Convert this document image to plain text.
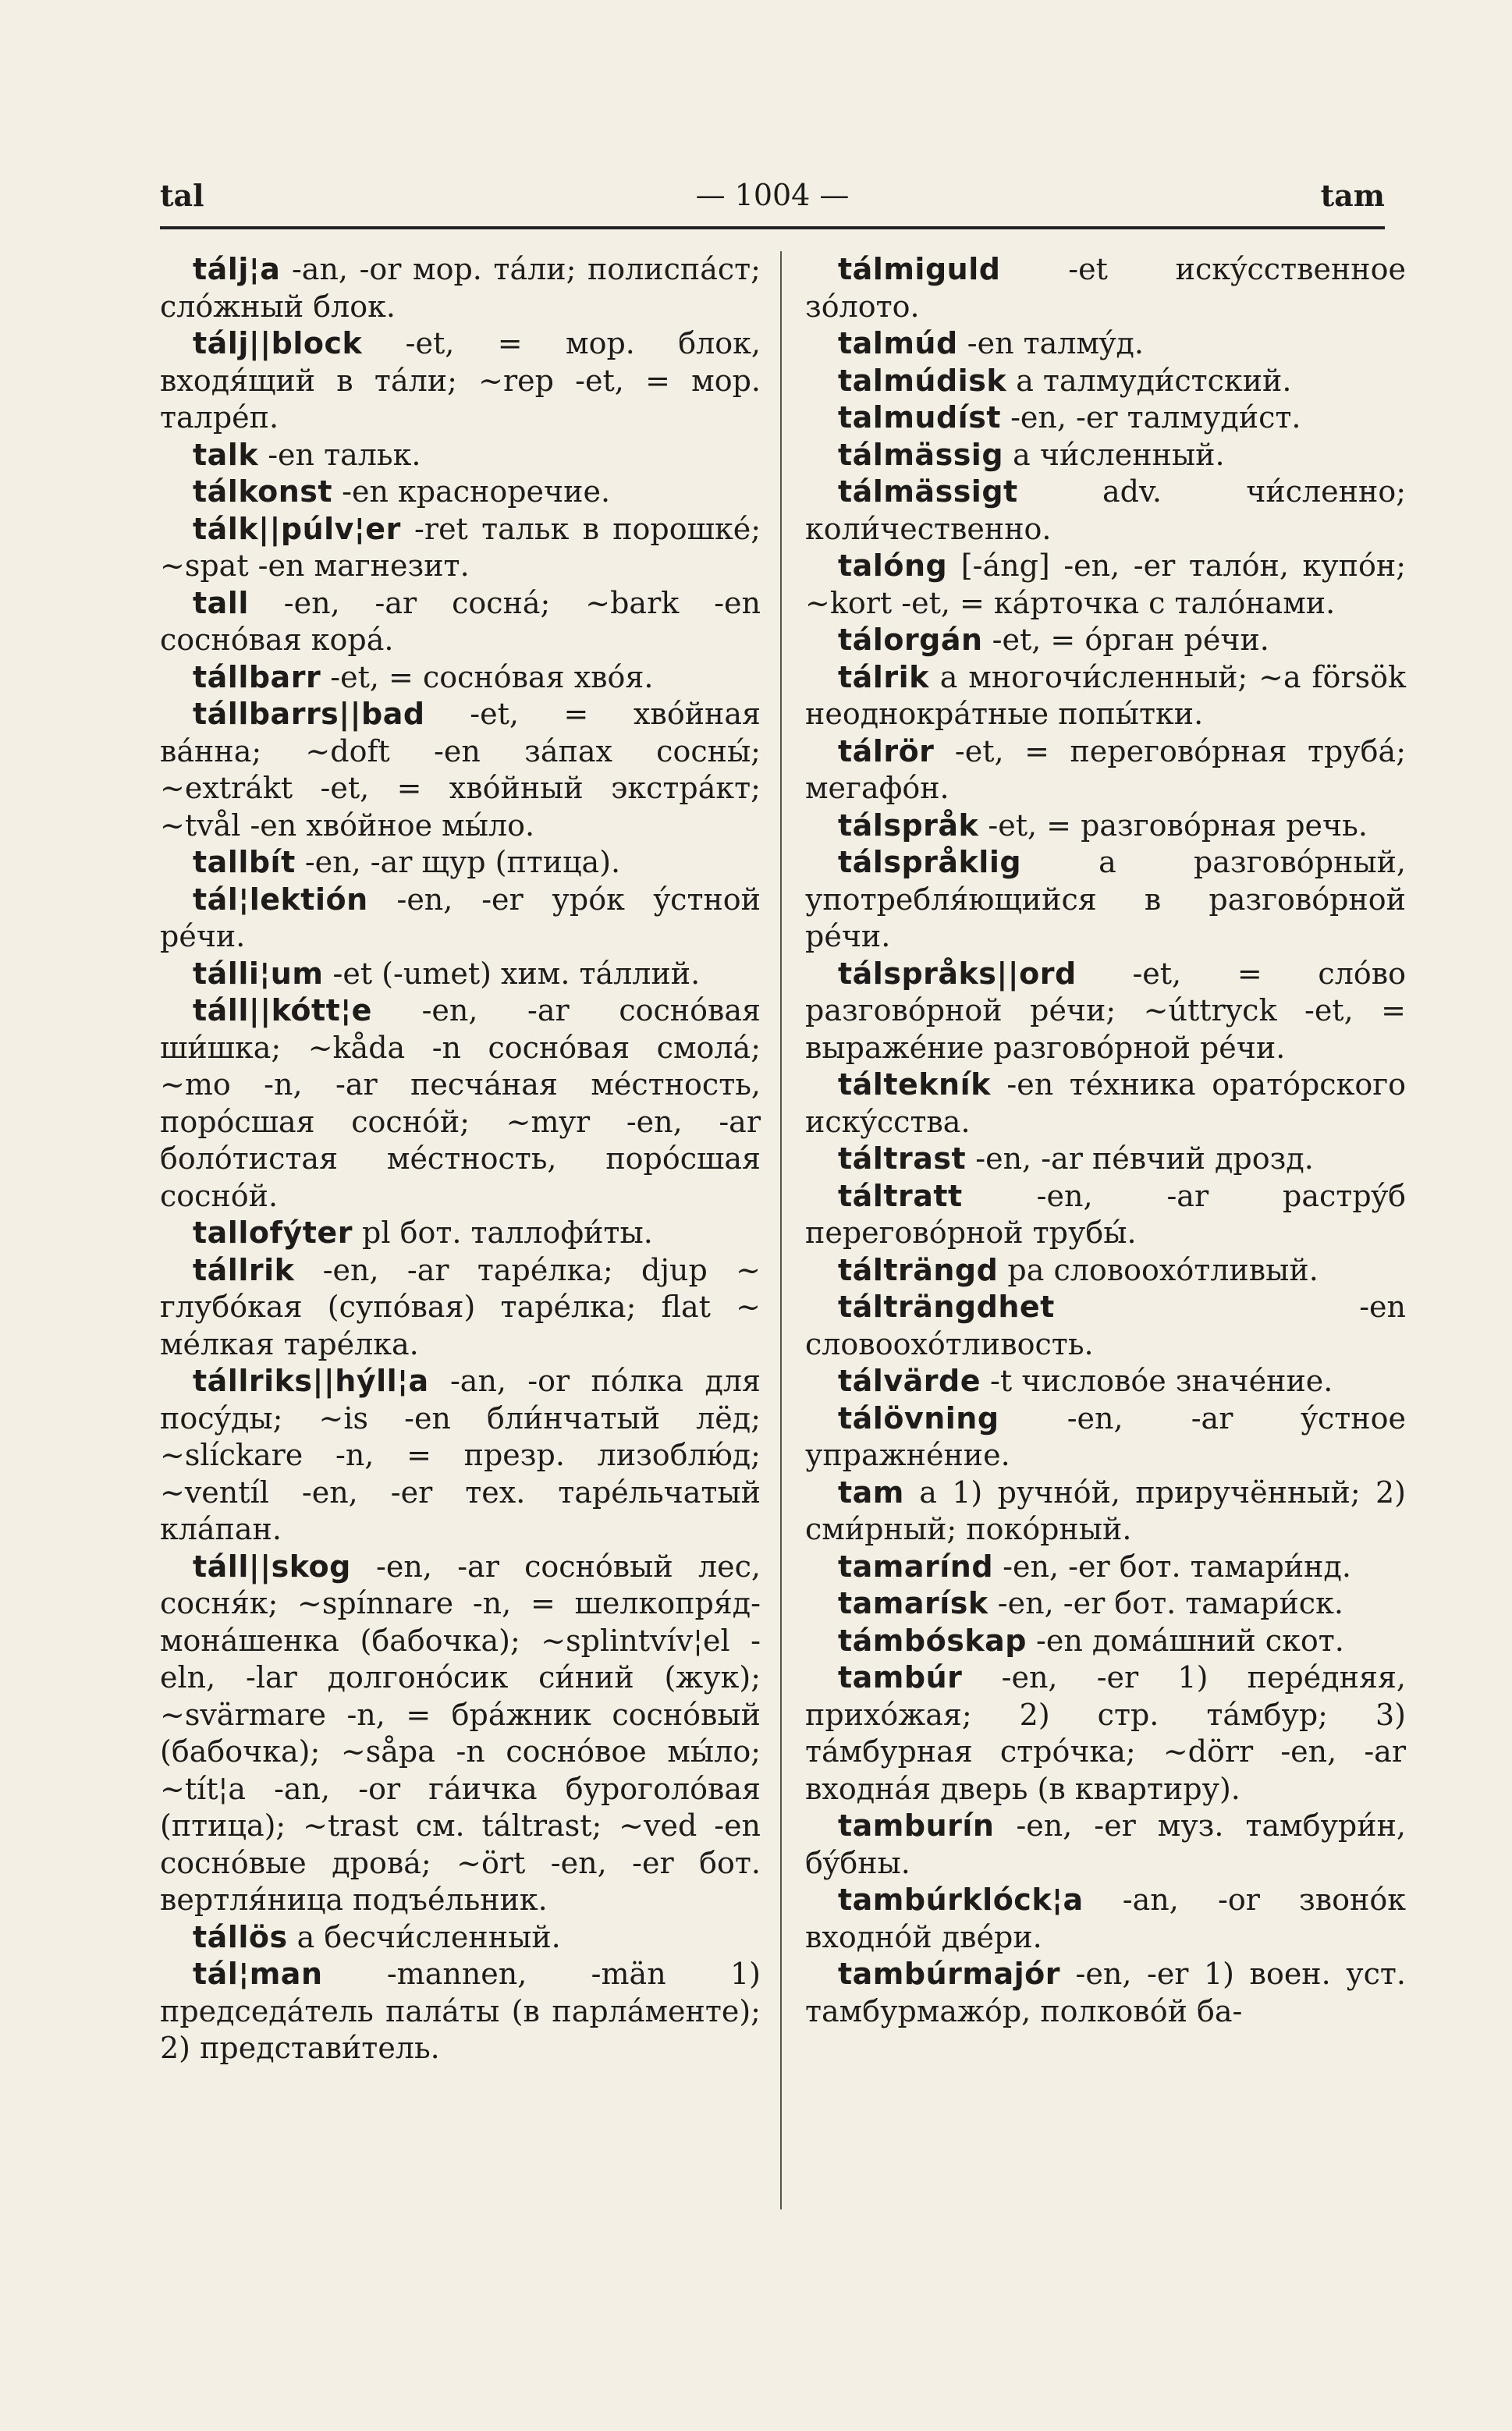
tal	— 1004 —	tam

tálj¦a -an, -or мор. тáли; полиспáст; слóжный блок.

tálj||block -et, = мор. блок, входя́щий в тáли; ~rep -et, = мор. талрéп.

talk -en тальк.

tálkonst -en красноречие.

tálk||púlv¦er -ret тальк в порошкé; ~spat -en магнезит.

tall -en, -ar соснá; ~bark -en соснóвая корá.

tállbarr -et, = соснóвая хвóя.

tállbarrs||bad -et, = хвóйная вáнна; ~doft -en зáпах сосны́; ~extrákt -et, = хвóйный экстрáкт; ~tvål -en хвóйное мы́ло.

tallbít -en, -ar щур (птица).

tál¦lektión -en, -er урóк ýстной рéчи.

tálli¦um -et (-umet) хим. тáллий.

táll||kótt¦e -en, -ar соснóвая ши́шка; ~kåda -n соснóвая смолá; ~mo -n, -ar песчáная мéстность, порóсшая соснóй; ~myr -en, -ar болóтистая мéстность, порóсшая соснóй.

tallofýter pl бот. таллофи́ты.

tállrik -en, -ar тарéлка; djup ~ глубóкая (супóвая) тарéлка; flat ~ мéлкая тарéлка.

tállriks||hýll¦a -an, -or пóлка для посýды; ~is -en бли́нчатый лёд; ~slíckare -n, = презр. лизоблю́д; ~ventíl -en, -er тех. тарéльчатый клáпан.

táll||skog -en, -ar соснóвый лес, сосня́к; ~spínnare -n, = шелкопря́д-монáшенка (бабочка); ~splintvív¦el -eln, -lar долгонóсик си́ний (жук); ~svärmare -n, = брáжник соснóвый (бабочка); ~såpa -n соснóвое мы́ло; ~tít¦a -an, -or гáичка буроголóвая (птица); ~trast см. táltrast; ~ved -en соснóвые дровá; ~ört -en, -er бот. вертля́ница подъéльник.

tállös a бесчи́сленный.

tál¦man -mannen, -män 1) председáтель палáты (в парлáменте); 2) представи́тель.

tálmiguld -et искýсственное зóлото.

talmúd -en талмýд.

talmúdisk a талмуди́стский.

talmudíst -en, -er талмуди́ст.

tálmässig a чи́сленный.

tálmässigt adv. чи́сленно; коли́чественно.

talóng [-áng] -en, -er талóн, купóн; ~kort -et, = кáрточка с талóнами.

tálorgán -et, = óрган рéчи.

tálrik a многочи́сленный; ~a försök неоднокрáтные попы́тки.

tálrör -et, = переговóрная трубá; мегафóн.

tálspråk -et, = разговóрная речь.

tálspråklig a разговóрный, употребля́ющийся в разговóрной рéчи.

tálspråks||ord -et, = слóво разговóрной рéчи; ~úttryck -et, = выражéние разговóрной рéчи.

táltekník -en тéхника оратóрского искýсства.

táltrast -en, -ar пéвчий дрозд.

táltratt -en, -ar растрýб переговóрной трубы́.

tálträngd pa словоохóтливый.

tálträngdhet -en словоохóтливость.

tálvärde -t числовóе значéние.

tálövning -en, -ar ýстное упражнéние.

tam a 1) ручнóй, приручённый; 2) сми́рный; покóрный.

tamarínd -en, -er бот. тамари́нд.

tamarísk -en, -er бот. тамари́ск.

támbóskap -en домáшний скот.

tambúr -en, -er 1) перéдняя, прихóжая; 2) стр. тáмбур; 3) тáмбурная стрóчка; ~dörr -en, -ar входнáя дверь (в квартиру).

tamburín -en, -er муз. тамбури́н, бýбны.

tambúrklóck¦a -an, -or звонóк входнóй двéри.

tambúrmajór -en, -er 1) воен. уст. тамбурмажóр, полковóй ба-
